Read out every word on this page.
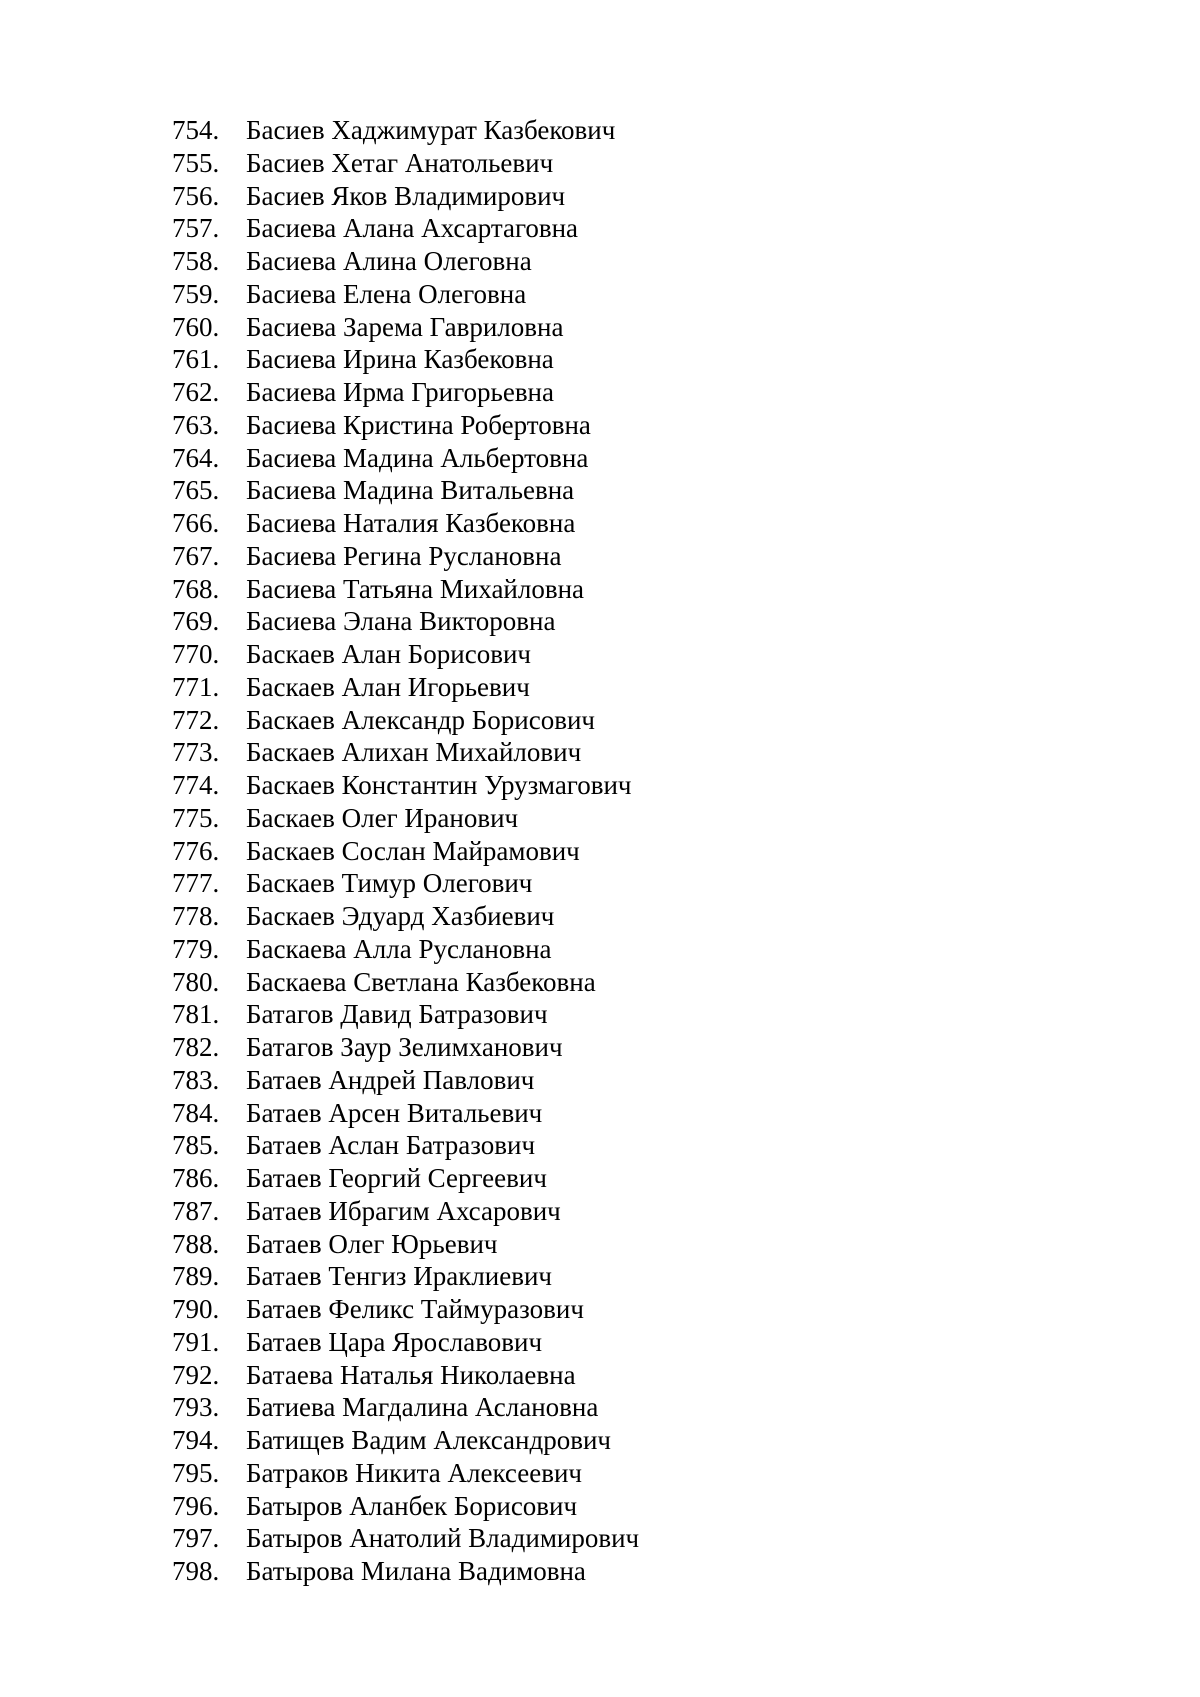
754. Басиев Хаджимурат Казбекович
755. Басиев Хетаг Анатольевич
756. Басиев Яков Владимирович
757. Басиева Алана Ахсартаговна
758. Басиева Алина Олеговна
759. Басиева Елена Олеговна
760. Басиева Зарема Гавриловна
761. Басиева Ирина Казбековна
762. Басиева Ирма Григорьевна
763. Басиева Кристина Робертовна
764. Басиева Мадина Альбертовна
765. Басиева Мадина Витальевна
766. Басиева Наталия Казбековна
767. Басиева Регина Руслановна
768. Басиева Татьяна Михайловна
769. Басиева Элана Викторовна
770. Баскаев Алан Борисович
771. Баскаев Алан Игорьевич
772. Баскаев Александр Борисович
773. Баскаев Алихан Михайлович
774. Баскаев Константин Урузмагович
775. Баскаев Олег Иранович
776. Баскаев Сослан Майрамович
777. Баскаев Тимур Олегович
778. Баскаев Эдуард Хазбиевич
779. Баскаева Алла Руслановна
780. Баскаева Светлана Казбековна
781. Батагов Давид Батразович
782. Батагов Заур Зелимханович
783. Батаев Андрей Павлович
784. Батаев Арсен Витальевич
785. Батаев Аслан Батразович
786. Батаев Георгий Сергеевич
787. Батаев Ибрагим Ахсарович
788. Батаев Олег Юрьевич
789. Батаев Тенгиз Ираклиевич
790. Батаев Феликс Таймуразович
791. Батаев Цара Ярославович
792. Батаева Наталья Николаевна
793. Батиева Магдалина Аслановна
794. Батищев Вадим Александрович
795. Батраков Никита Алексеевич
796. Батыров Аланбек Борисович
797. Батыров Анатолий Владимирович
798. Батырова Милана Вадимовна
